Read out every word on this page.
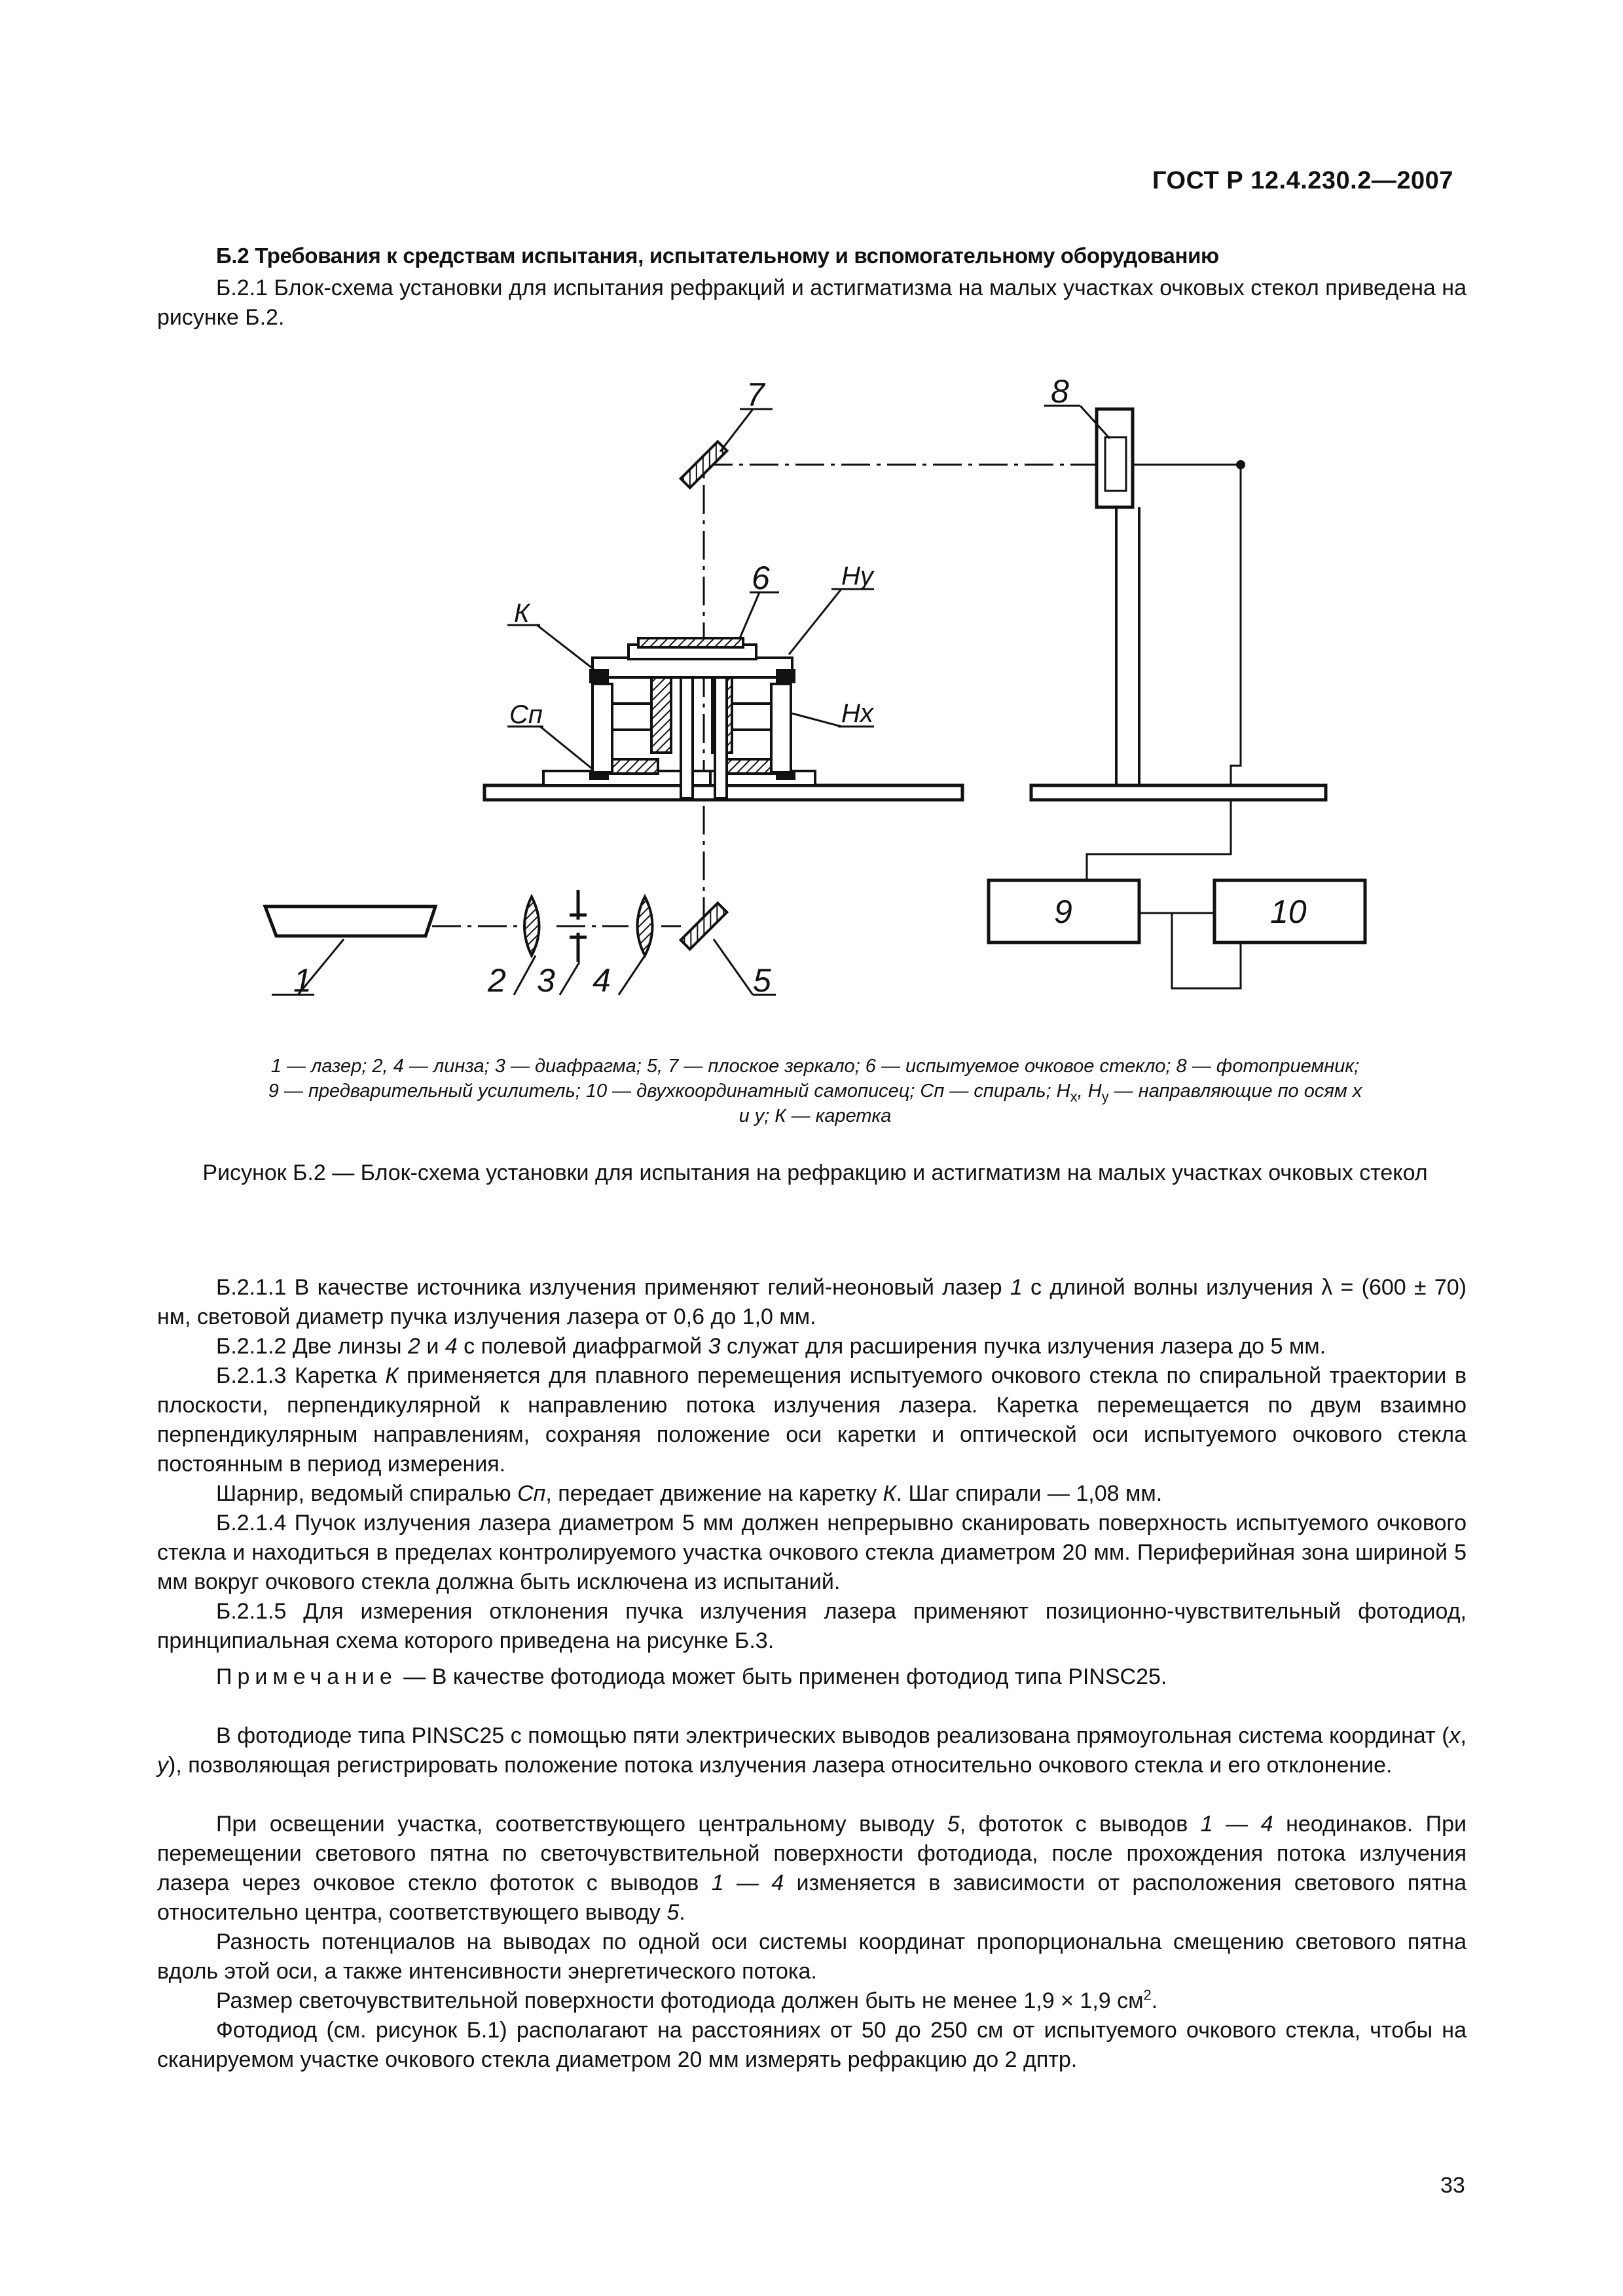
ГОСТ Р 12.4.230.2—2007
Б.2 Требования к средствам испытания, испытательному и вспомогательному оборудованию
Б.2.1 Блок-схема установки для испытания рефракций и астигматизма на малых участках очковых стекол приведена на рисунке Б.2.
1	2 3 4	5
6
7	8
9	10
К
Сп
Нy
Нx
1 — лазер; 2, 4 — линза; 3 — диафрагма; 5, 7 — плоское зеркало; 6 — испытуемое очковое стекло; 8 — фотоприемник;
9 — предварительный усилитель; 10 — двухкоординатный самописец; Сп — спираль; $H_x$, $H_y$ — направляющие по осям x
и y; К — каретка
Рисунок Б.2 — Блок-схема установки для испытания на рефракцию и астигматизм на малых участках очковых стекол
Б.2.1.1 В качестве источника излучения применяют гелий-неоновый лазер 1 с длиной волны излучения λ = (600 ± 70) нм, световой диаметр пучка излучения лазера от 0,6 до 1,0 мм.
Б.2.1.2 Две линзы 2 и 4 с полевой диафрагмой 3 служат для расширения пучка излучения лазера до 5 мм.
Б.2.1.3 Каретка К применяется для плавного перемещения испытуемого очкового стекла по спиральной траектории в плоскости, перпендикулярной к направлению потока излучения лазера. Каретка перемещается по двум взаимно перпендикулярным направлениям, сохраняя положение оси каретки и оптической оси испытуемого очкового стекла постоянным в период измерения.
Шарнир, ведомый спиралью Сп, передает движение на каретку К. Шаг спирали — 1,08 мм.
Б.2.1.4 Пучок излучения лазера диаметром 5 мм должен непрерывно сканировать поверхность испытуемого очкового стекла и находиться в пределах контролируемого участка очкового стекла диаметром 20 мм. Периферийная зона шириной 5 мм вокруг очкового стекла должна быть исключена из испытаний.
Б.2.1.5 Для измерения отклонения пучка излучения лазера применяют позиционно-чувствительный фотодиод, принципиальная схема которого приведена на рисунке Б.3.
Примечание — В качестве фотодиода может быть применен фотодиод типа PINSC25.
В фотодиоде типа PINSC25 с помощью пяти электрических выводов реализована прямоугольная система координат (x, y), позволяющая регистрировать положение потока излучения лазера относительно очкового стекла и его отклонение.
При освещении участка, соответствующего центральному выводу 5, фототок с выводов 1 — 4 неодинаков. При перемещении светового пятна по светочувствительной поверхности фотодиода, после прохождения потока излучения лазера через очковое стекло фототок с выводов 1 — 4 изменяется в зависимости от расположения светового пятна относительно центра, соответствующего выводу 5.
Разность потенциалов на выводах по одной оси системы координат пропорциональна смещению светового пятна вдоль этой оси, а также интенсивности энергетического потока.
Размер светочувствительной поверхности фотодиода должен быть не менее 1,9 × 1,9 $см^2$.
Фотодиод (см. рисунок Б.1) располагают на расстояниях от 50 до 250 см от испытуемого очкового стекла, чтобы на сканируемом участке очкового стекла диаметром 20 мм измерять рефракцию до 2 дптр.
33
